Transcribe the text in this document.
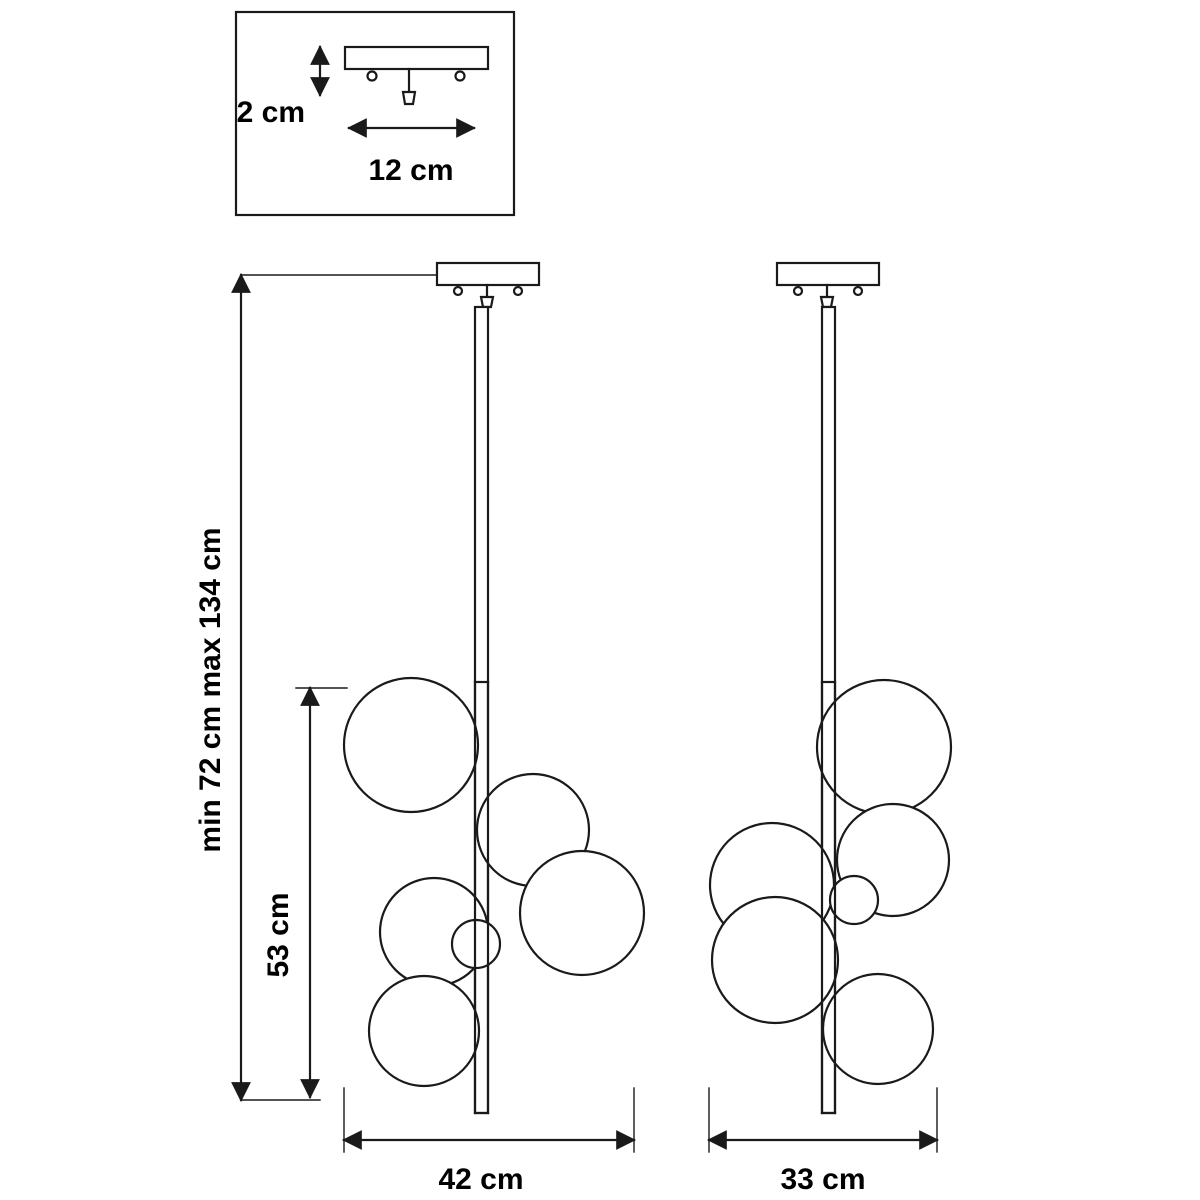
2 cm
12 cm
min 72 cm max 134 cm
53 cm
42 cm	33 cm
